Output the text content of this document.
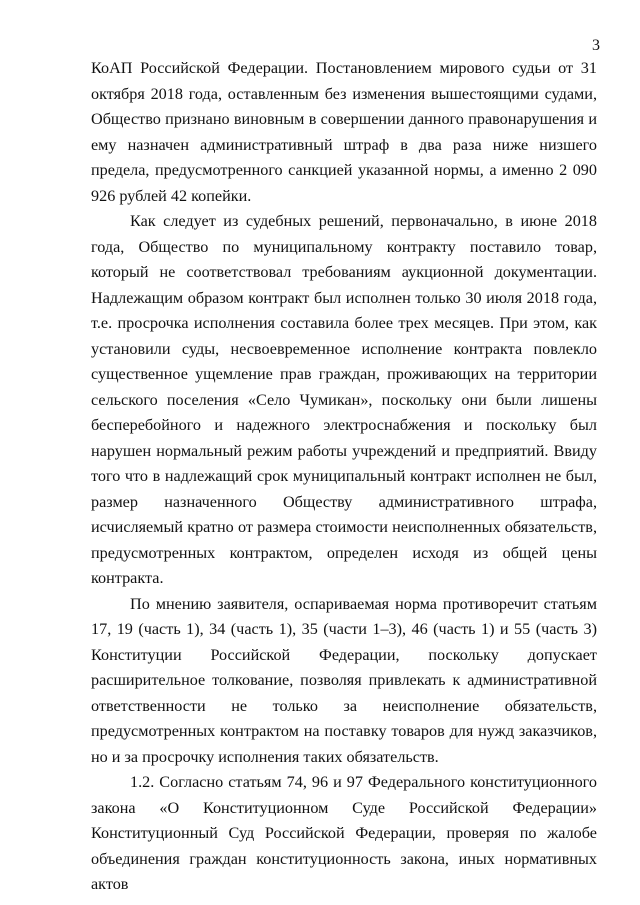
3

КоАП Российской Федерации. Постановлением мирового судьи от 31 октября 2018 года, оставленным без изменения вышестоящими судами, Общество признано виновным в совершении данного правонарушения и ему назначен административный штраф в два раза ниже низшего предела, предусмотренного санкцией указанной нормы, а именно 2 090 926 рублей 42 копейки.

Как следует из судебных решений, первоначально, в июне 2018 года, Общество по муниципальному контракту поставило товар, который не соответствовал требованиям аукционной документации. Надлежащим образом контракт был исполнен только 30 июля 2018 года, т.е. просрочка исполнения составила более трех месяцев. При этом, как установили суды, несвоевременное исполнение контракта повлекло существенное ущемление прав граждан, проживающих на территории сельского поселения «Село Чумикан», поскольку они были лишены бесперебойного и надежного электроснабжения и поскольку был нарушен нормальный режим работы учреждений и предприятий. Ввиду того что в надлежащий срок муниципальный контракт исполнен не был, размер назначенного Обществу административного штрафа, исчисляемый кратно от размера стоимости неисполненных обязательств, предусмотренных контрактом, определен исходя из общей цены контракта.

По мнению заявителя, оспариваемая норма противоречит статьям 17, 19 (часть 1), 34 (часть 1), 35 (части 1–3), 46 (часть 1) и 55 (часть 3) Конституции Российской Федерации, поскольку допускает расширительное толкование, позволяя привлекать к административной ответственности не только за неисполнение обязательств, предусмотренных контрактом на поставку товаров для нужд заказчиков, но и за просрочку исполнения таких обязательств.

1.2. Согласно статьям 74, 96 и 97 Федерального конституционного закона «О Конституционном Суде Российской Федерации» Конституционный Суд Российской Федерации, проверяя по жалобе объединения граждан конституционность закона, иных нормативных актов
